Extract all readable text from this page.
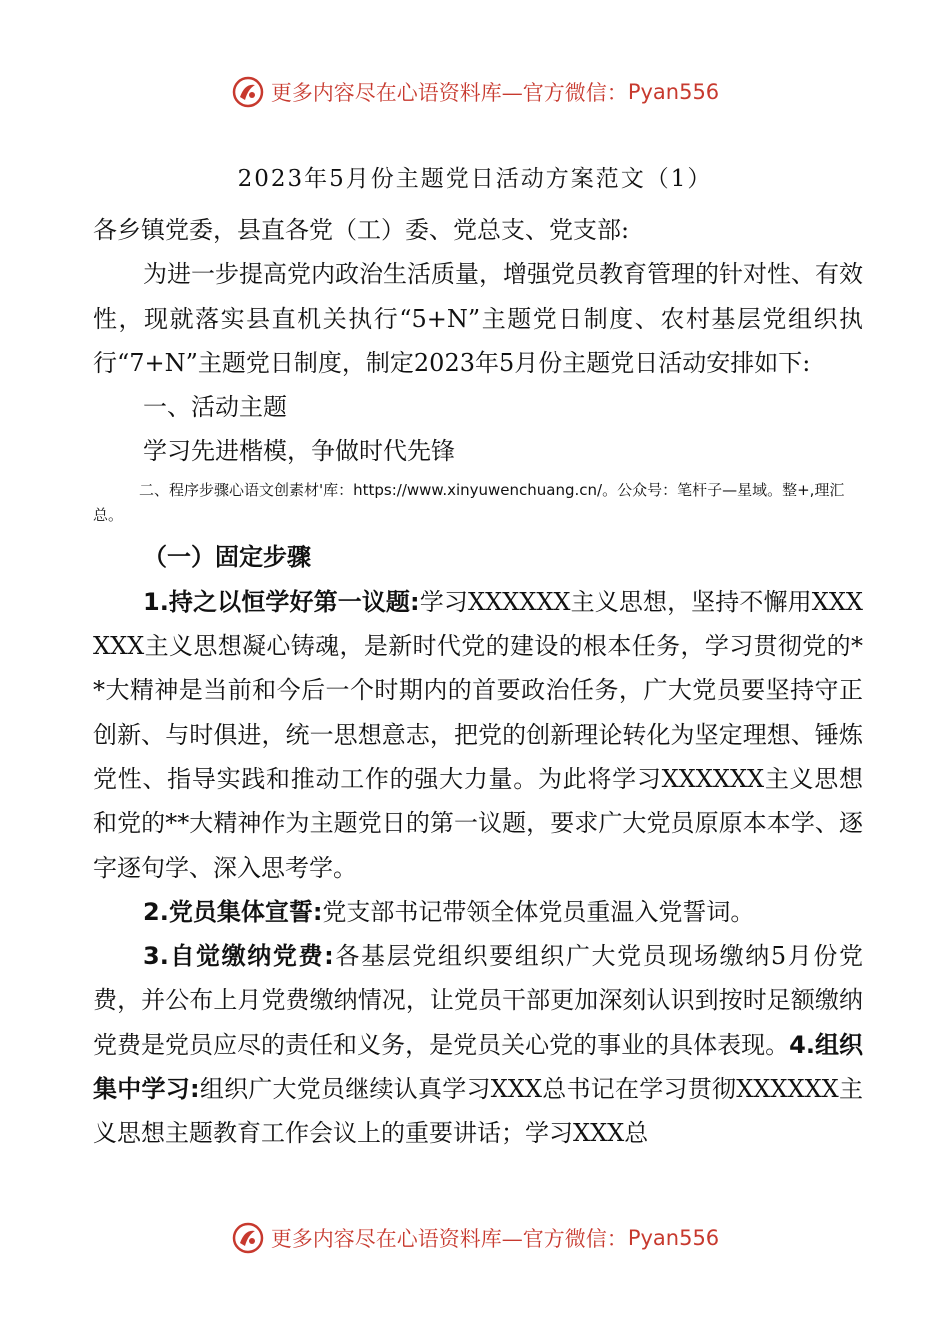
更多内容尽在心语资料库—官方微信： Pyan556
2023年5月份主题党日活动方案范文（1）

各乡镇党委，县直各党（工）委、党总支、党支部:

为进一步提高党内政治生活质量，增强党员教育管理的针对性、有效性，现就落实县直机关执行“5+N”主题党日制度、农村基层党组织执行“7+N”主题党日制度，制定2023年5月份主题党日活动安排如下:

一、活动主题

学习先进楷模，争做时代先锋

二、程序步骤心语文创素材'库：https://www.xinyuwenchuang.cn/。公众号：笔杆子—星域。整+,理汇总。

（一）固定步骤

1.持之以恒学好第一议题:学习XXXXXX主义思想，坚持不懈用XXXXXX主义思想凝心铸魂，是新时代党的建设的根本任务，学习贯彻党的**大精神是当前和今后一个时期内的首要政治任务，广大党员要坚持守正创新、与时俱进，统一思想意志，把党的创新理论转化为坚定理想、锤炼党性、指导实践和推动工作的强大力量。为此将学习XXXXXX主义思想和党的**大精神作为主题党日的第一议题，要求广大党员原原本本学、逐字逐句学、深入思考学。

2.党员集体宣誓:党支部书记带领全体党员重温入党誓词。

3.自觉缴纳党费:各基层党组织要组织广大党员现场缴纳5月份党费，并公布上月党费缴纳情况，让党员干部更加深刻认识到按时足额缴纳党费是党员应尽的责任和义务，是党员关心党的事业的具体表现。4.组织集中学习:组织广大党员继续认真学习XXX总书记在学习贯彻XXXXXX主义思想主题教育工作会议上的重要讲话；学习XXX总

更多内容尽在心语资料库—官方微信： Pyan556
